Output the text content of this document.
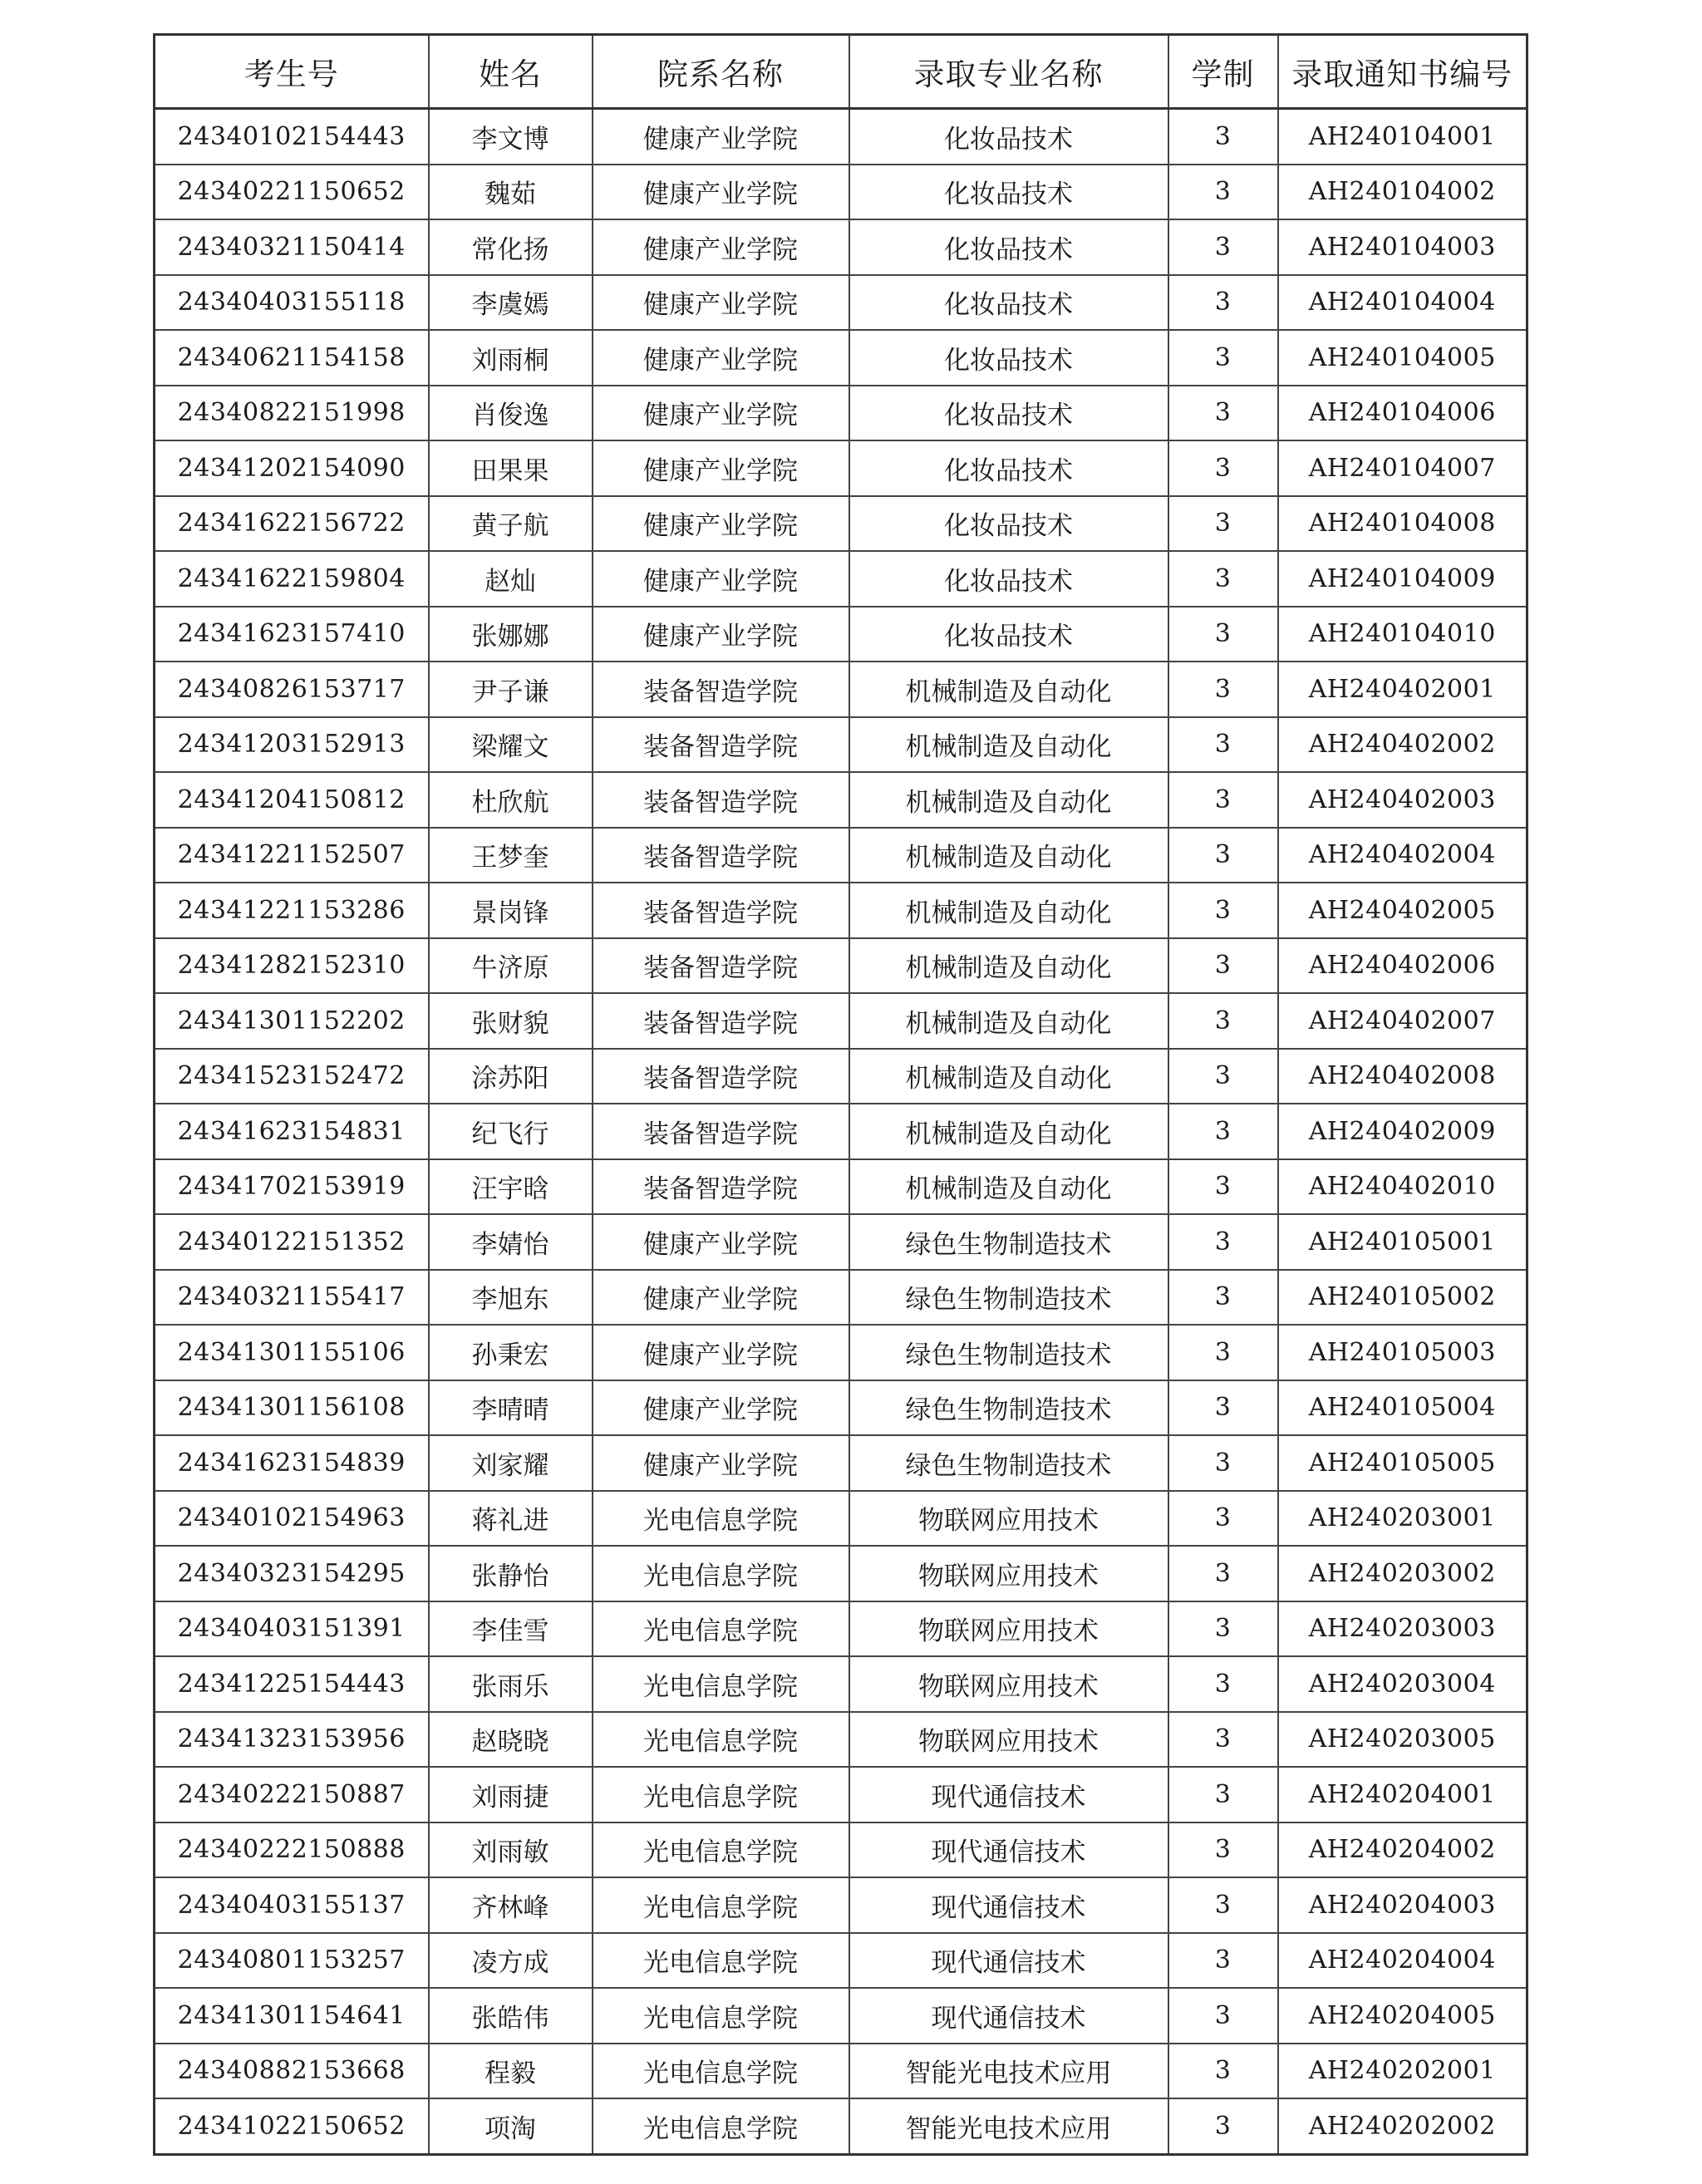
考生号	姓名	院系名称	录取专业名称	学制	录取通知书编号
24340102154443	李文博	健康产业学院	化妆品技术	3	AH240104001
24340221150652	魏茹	健康产业学院	化妆品技术	3	AH240104002
24340321150414	常化扬	健康产业学院	化妆品技术	3	AH240104003
24340403155118	李虞嫣	健康产业学院	化妆品技术	3	AH240104004
24340621154158	刘雨桐	健康产业学院	化妆品技术	3	AH240104005
24340822151998	肖俊逸	健康产业学院	化妆品技术	3	AH240104006
24341202154090	田果果	健康产业学院	化妆品技术	3	AH240104007
24341622156722	黄子航	健康产业学院	化妆品技术	3	AH240104008
24341622159804	赵灿	健康产业学院	化妆品技术	3	AH240104009
24341623157410	张娜娜	健康产业学院	化妆品技术	3	AH240104010
24340826153717	尹子谦	装备智造学院	机械制造及自动化	3	AH240402001
24341203152913	梁耀文	装备智造学院	机械制造及自动化	3	AH240402002
24341204150812	杜欣航	装备智造学院	机械制造及自动化	3	AH240402003
24341221152507	王梦奎	装备智造学院	机械制造及自动化	3	AH240402004
24341221153286	景岗锋	装备智造学院	机械制造及自动化	3	AH240402005
24341282152310	牛济原	装备智造学院	机械制造及自动化	3	AH240402006
24341301152202	张财貌	装备智造学院	机械制造及自动化	3	AH240402007
24341523152472	涂苏阳	装备智造学院	机械制造及自动化	3	AH240402008
24341623154831	纪飞行	装备智造学院	机械制造及自动化	3	AH240402009
24341702153919	汪宇晗	装备智造学院	机械制造及自动化	3	AH240402010
24340122151352	李婧怡	健康产业学院	绿色生物制造技术	3	AH240105001
24340321155417	李旭东	健康产业学院	绿色生物制造技术	3	AH240105002
24341301155106	孙秉宏	健康产业学院	绿色生物制造技术	3	AH240105003
24341301156108	李晴晴	健康产业学院	绿色生物制造技术	3	AH240105004
24341623154839	刘家耀	健康产业学院	绿色生物制造技术	3	AH240105005
24340102154963	蒋礼进	光电信息学院	物联网应用技术	3	AH240203001
24340323154295	张静怡	光电信息学院	物联网应用技术	3	AH240203002
24340403151391	李佳雪	光电信息学院	物联网应用技术	3	AH240203003
24341225154443	张雨乐	光电信息学院	物联网应用技术	3	AH240203004
24341323153956	赵晓晓	光电信息学院	物联网应用技术	3	AH240203005
24340222150887	刘雨捷	光电信息学院	现代通信技术	3	AH240204001
24340222150888	刘雨敏	光电信息学院	现代通信技术	3	AH240204002
24340403155137	齐林峰	光电信息学院	现代通信技术	3	AH240204003
24340801153257	凌方成	光电信息学院	现代通信技术	3	AH240204004
24341301154641	张皓伟	光电信息学院	现代通信技术	3	AH240204005
24340882153668	程毅	光电信息学院	智能光电技术应用	3	AH240202001
24341022150652	项淘	光电信息学院	智能光电技术应用	3	AH240202002
